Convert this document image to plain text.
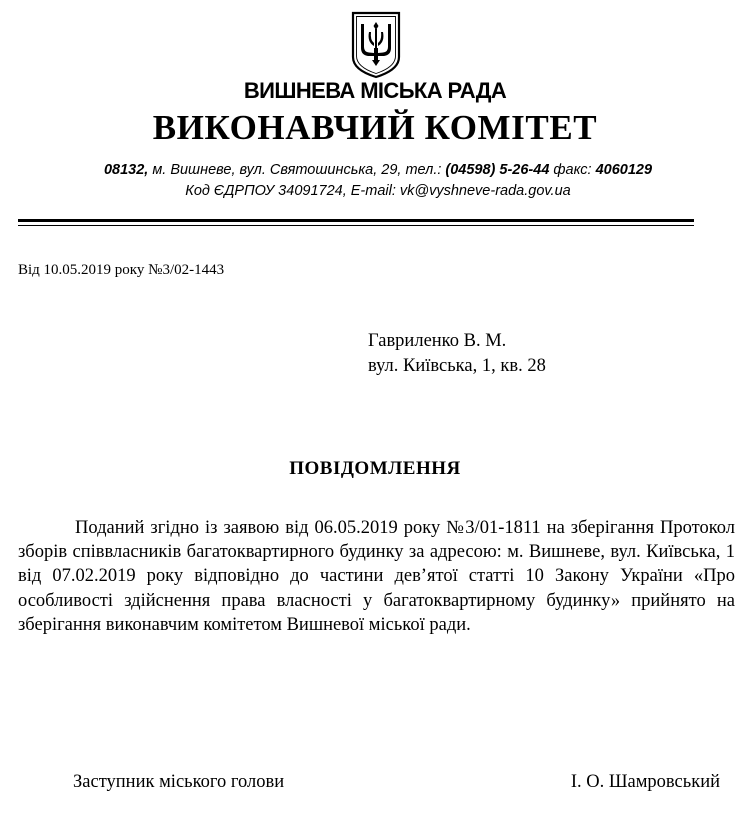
ВИШНЕВА МІСЬКА РАДА
ВИКОНАВЧИЙ КОМІТЕТ
08132, м. Вишневе, вул. Святошинська, 29, тел.: (04598) 5-26-44 факс: 4060129
Код ЄДРПОУ 34091724, E-mail: vk@vyshneve-rada.gov.ua
Від 10.05.2019 року №3/02-1443
Гавриленко В. М.
вул. Київська, 1, кв. 28
ПОВІДОМЛЕННЯ

Поданий згідно із заявою від 06.05.2019 року №3/01-1811 на зберігання Протокол зборів співвласників багатоквартирного будинку за адресою: м. Вишневе, вул. Київська, 1 від 07.02.2019 року відповідно до частини дев’ятої статті 10 Закону України «Про особливості здійснення права власності у багатоквартирному будинку» прийнято на зберігання виконавчим комітетом Вишневої міської ради.

Заступник міського голови	І. О. Шамровський
